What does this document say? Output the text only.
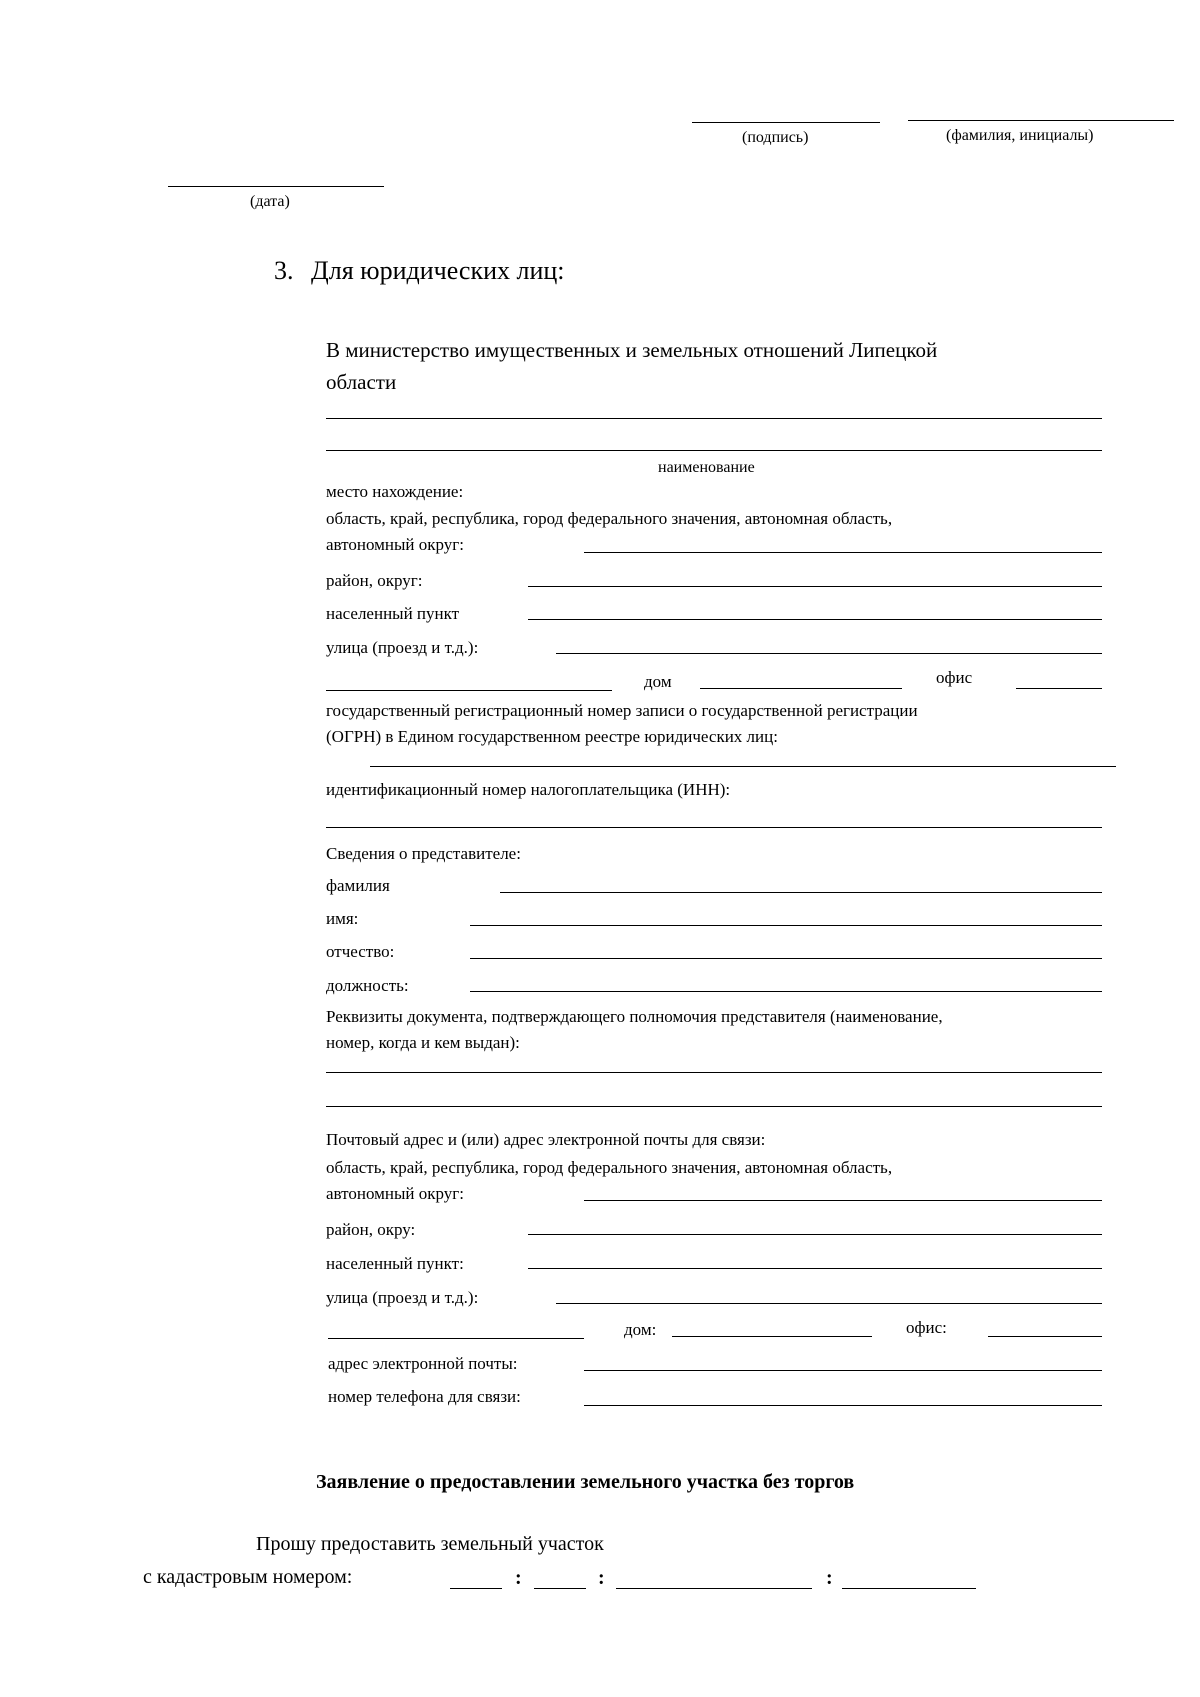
(подпись)	(фамилия, инициалы)
(дата)
3. Для юридических лиц:
В министерство имущественных и земельных отношений Липецкой
области
наименование
место нахождение:
область, край, республика, город федерального значения, автономная область,
автономный округ:
район, округ:
населенный пункт
улица (проезд и т.д.):
дом	офис
государственный регистрационный номер записи о государственной регистрации
(ОГРН) в Едином государственном реестре юридических лиц:
идентификационный номер налогоплательщика (ИНН):
Сведения о представителе:
фамилия
имя:
отчество:
должность:
Реквизиты документа, подтверждающего полномочия представителя (наименование,
номер, когда и кем выдан):
Почтовый адрес и (или) адрес электронной почты для связи:
область, край, республика, город федерального значения, автономная область,
автономный округ:
район, окру:
населенный пункт:
улица (проезд и т.д.):
дом:	офис:
адрес электронной почты:
номер телефона для связи:
Заявление о предоставлении земельного участка без торгов
Прошу предоставить земельный участок
с кадастровым номером:	:	:	:
